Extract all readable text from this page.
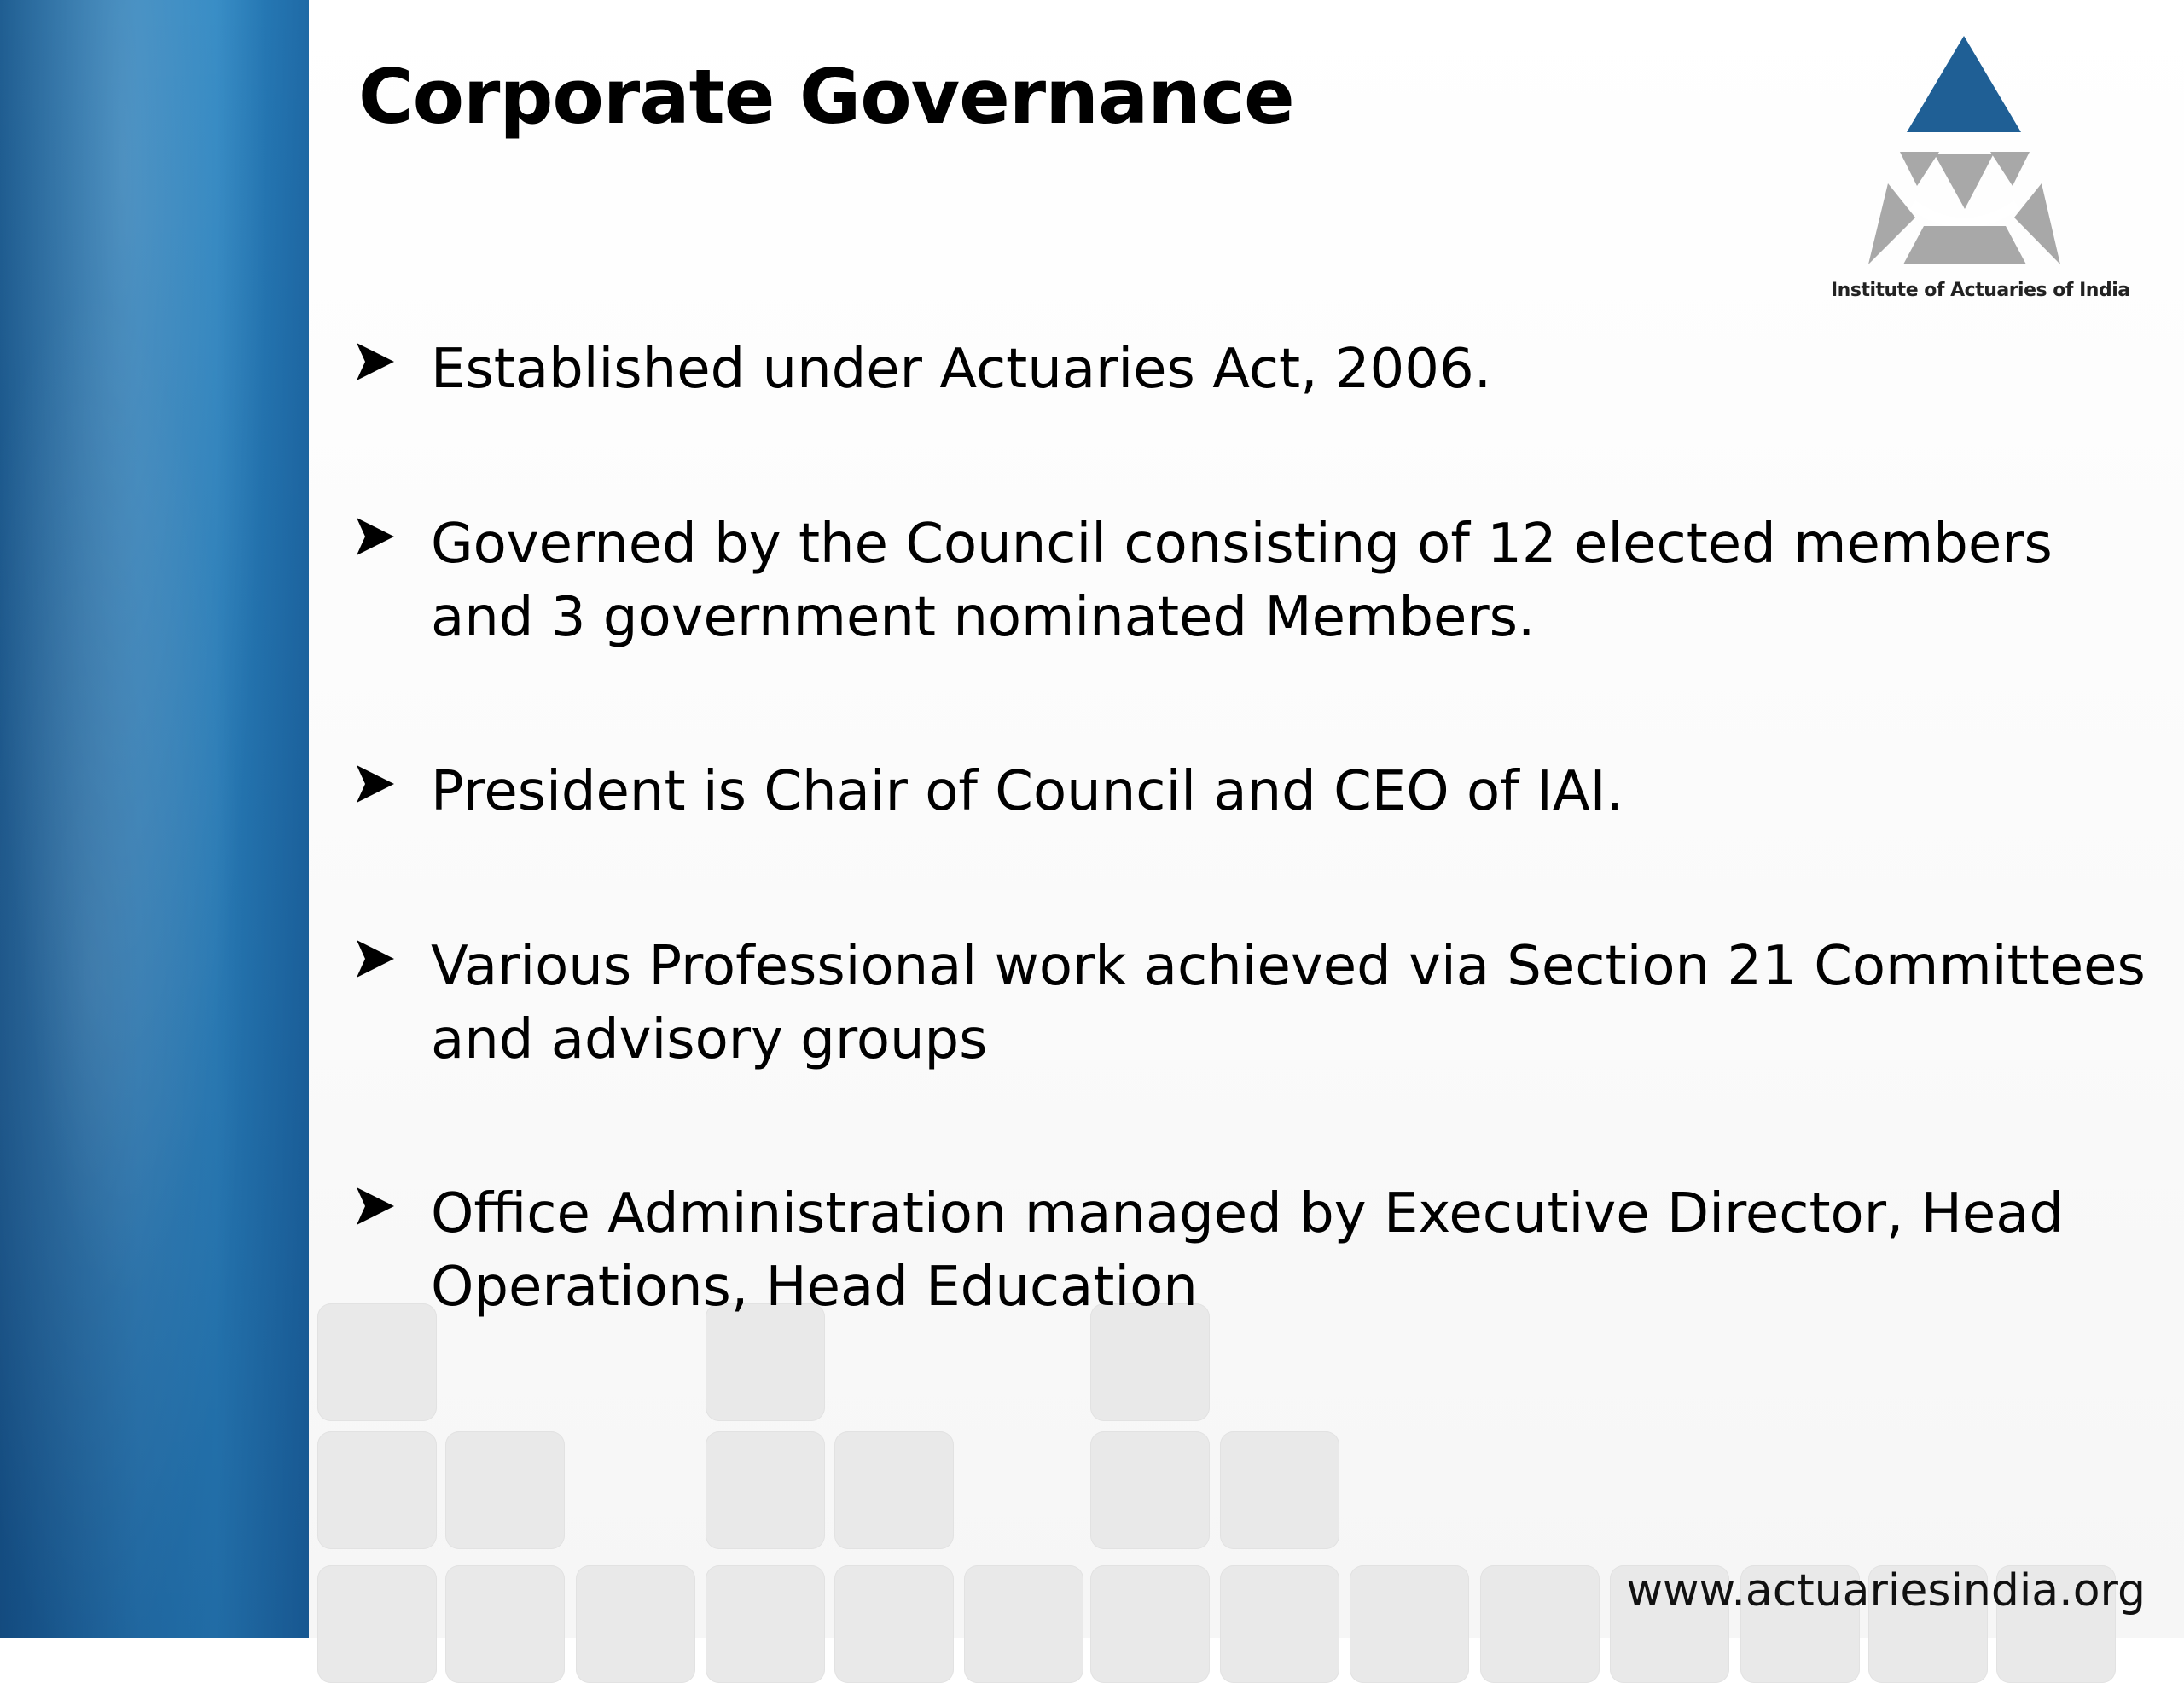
Corporate Governance
Institute of Actuaries of India
Established under Actuaries Act, 2006.
Governed by the Council consisting of 12 elected members and 3 government nominated Members.
President is Chair of Council and CEO of IAI.
Various Professional work achieved via Section 21 Committees and advisory groups
Office Administration managed by Executive Director, Head Operations, Head Education
www.actuariesindia.org
